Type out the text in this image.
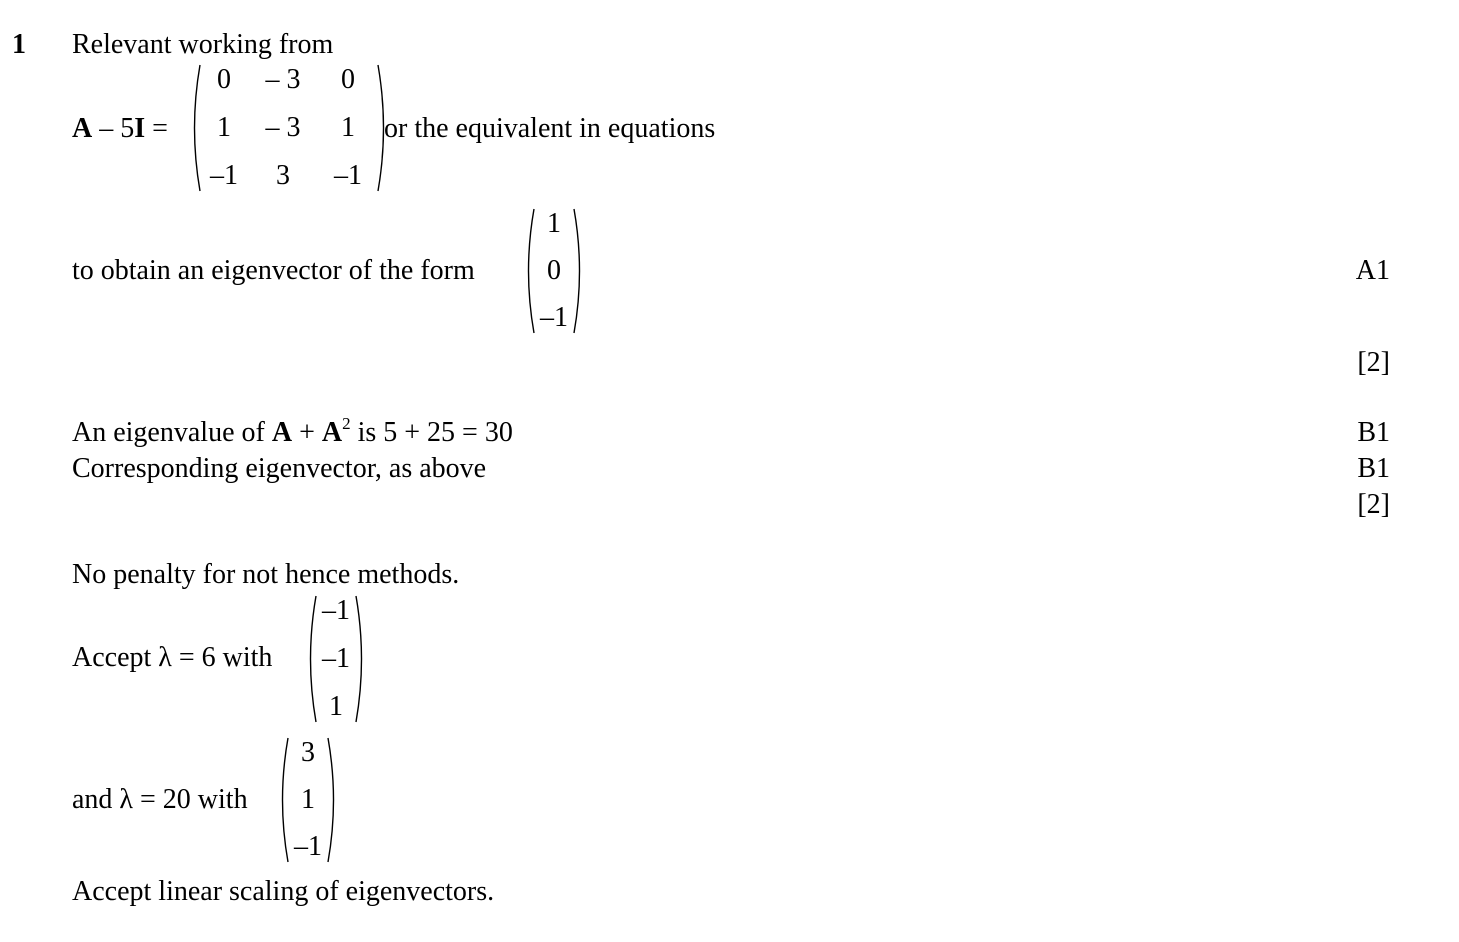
1 Relevant working from
A – 5I =
0	– 3	0
1	– 3	1
–1	3	–1
or the equivalent in equations
to obtain an eigenvector of the form
1
0
–1
A1
[2]
An eigenvalue of $A + A^2$ is 5 + 25 = 30
Corresponding eigenvector, as above
B1
B1
[2]
No penalty for not hence methods.
Accept λ = 6 with
–1
–1
1
and λ = 20 with
3
1
–1
Accept linear scaling of eigenvectors.
